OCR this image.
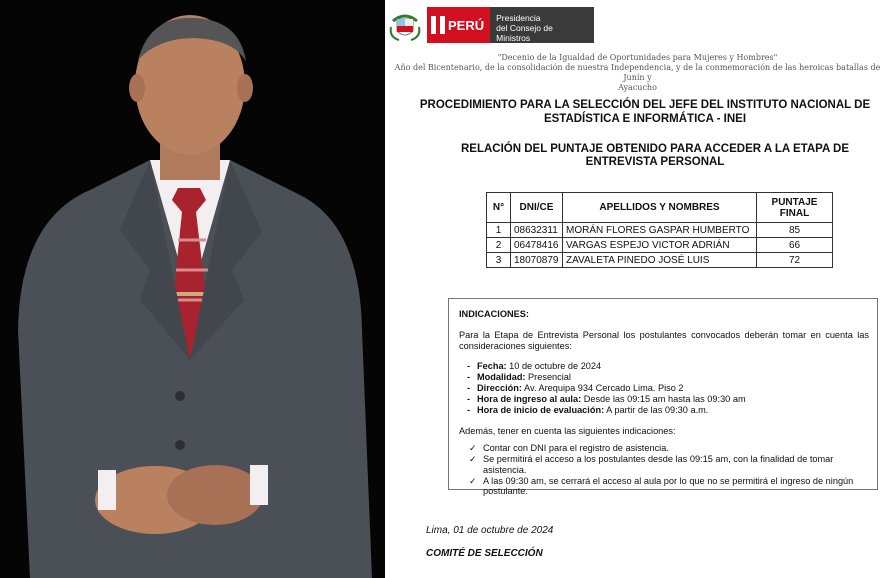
PERÚ Presidencia
del Consejo de Ministros
"Decenio de la Igualdad de Oportunidades para Mujeres y Hombres"
Año del Bicentenario, de la consolidación de nuestra Independencia, y de la conmemoración de las heroicas batallas de Junín y
Ayacucho
PROCEDIMIENTO PARA LA SELECCIÓN DEL JEFE DEL INSTITUTO NACIONAL DE
ESTADÍSTICA E INFORMÁTICA - INEI
RELACIÓN DEL PUNTAJE OBTENIDO PARA ACCEDER A LA ETAPA DE
ENTREVISTA PERSONAL
N°	DNI/CE	APELLIDOS Y NOMBRES	PUNTAJE
FINAL

1	08632311	MORÁN FLORES GASPAR HUMBERTO	85
2	06478416	VARGAS ESPEJO VICTOR ADRIÁN	66
3	18070879	ZAVALETA PINEDO JOSÉ LUIS	72
INDICACIONES:
Para la Etapa de Entrevista Personal los postulantes convocados deberán tomar en cuenta las consideraciones siguientes:
- Fecha: 10 de octubre de 2024
- Modalidad: Presencial
- Dirección: Av. Arequipa 934 Cercado Lima. Piso 2
- Hora de ingreso al aula: Desde las 09:15 am hasta las 09:30 am
- Hora de inicio de evaluación: A partir de las 09:30 a.m.
Además, tener en cuenta las siguientes indicaciones:
✓ Contar con DNI para el registro de asistencia.
✓ Se permitirá el acceso a los postulantes desde las 09:15 am, con la finalidad de tomar asistencia.
✓ A las 09:30 am, se cerrará el acceso al aula por lo que no se permitirá el ingreso de ningún postulante.
Lima, 01 de octubre de 2024
COMITÉ DE SELECCIÓN
